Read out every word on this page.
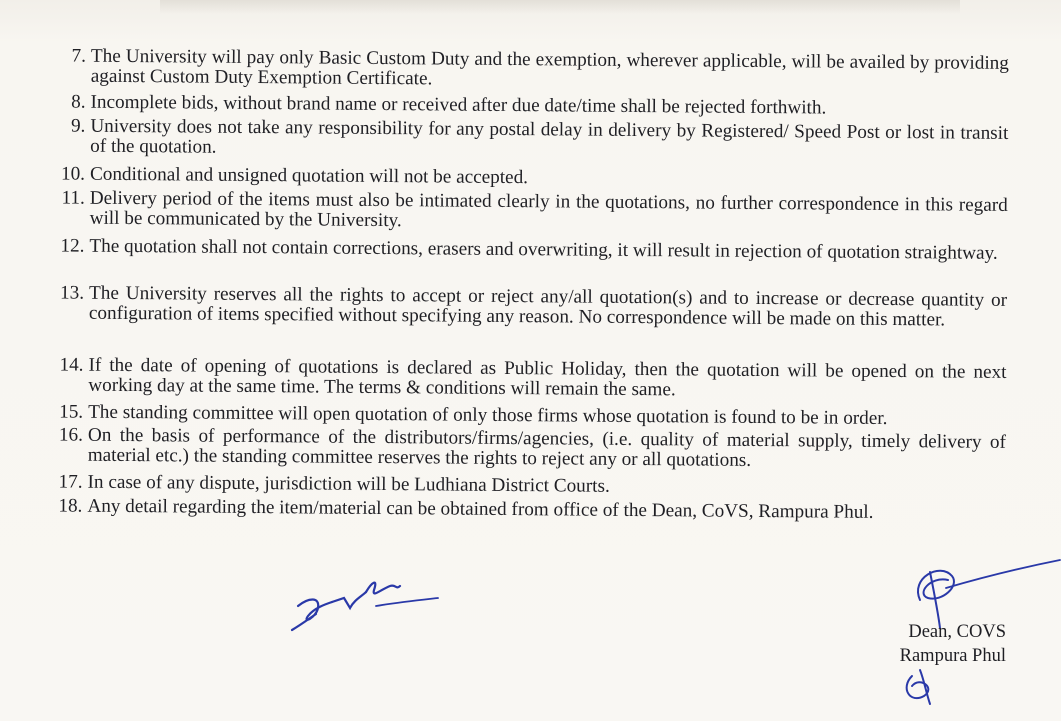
7. The University will pay only Basic Custom Duty and the exemption, wherever applicable, will be availed by providing against Custom Duty Exemption Certificate.
8. Incomplete bids, without brand name or received after due date/time shall be rejected forthwith.
9. University does not take any responsibility for any postal delay in delivery by Registered/ Speed Post or lost in transit of the quotation.
10. Conditional and unsigned quotation will not be accepted.
11. Delivery period of the items must also be intimated clearly in the quotations, no further correspondence in this regard will be communicated by the University.
12. The quotation shall not contain corrections, erasers and overwriting, it will result in rejection of quotation straightway.
13. The University reserves all the rights to accept or reject any/all quotation(s) and to increase or decrease quantity or configuration of items specified without specifying any reason. No correspondence will be made on this matter.
14. If the date of opening of quotations is declared as Public Holiday, then the quotation will be opened on the next working day at the same time. The terms & conditions will remain the same.
15. The standing committee will open quotation of only those firms whose quotation is found to be in order.
16. On the basis of performance of the distributors/firms/agencies, (i.e. quality of material supply, timely delivery of material etc.) the standing committee reserves the rights to reject any or all quotations.
17. In case of any dispute, jurisdiction will be Ludhiana District Courts.
18. Any detail regarding the item/material can be obtained from office of the Dean, CoVS, Rampura Phul.
Dean, COVS
Rampura Phul
